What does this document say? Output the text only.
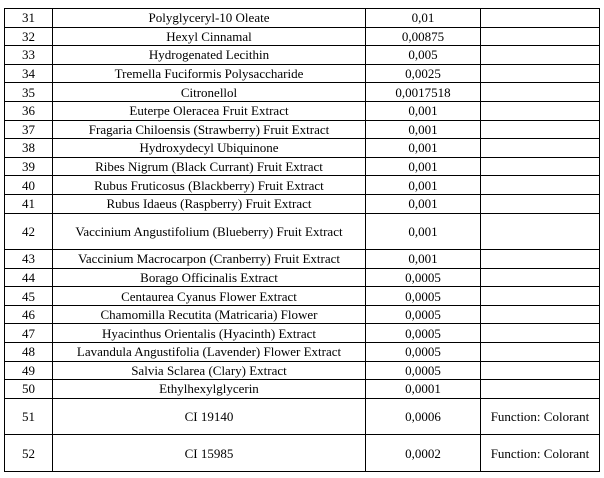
31	Polyglyceryl-10 Oleate	0,01	
32	Hexyl Cinnamal	0,00875	
33	Hydrogenated Lecithin	0,005	
34	Tremella Fuciformis Polysaccharide	0,0025	
35	Citronellol	0,0017518	
36	Euterpe Oleracea Fruit Extract	0,001	
37	Fragaria Chiloensis (Strawberry) Fruit Extract	0,001	
38	Hydroxydecyl Ubiquinone	0,001	
39	Ribes Nigrum (Black Currant) Fruit Extract	0,001	
40	Rubus Fruticosus (Blackberry) Fruit Extract	0,001	
41	Rubus Idaeus (Raspberry) Fruit Extract	0,001	
42	Vaccinium Angustifolium (Blueberry) Fruit Extract	0,001	
43	Vaccinium Macrocarpon (Cranberry) Fruit Extract	0,001	
44	Borago Officinalis Extract	0,0005	
45	Centaurea Cyanus Flower Extract	0,0005	
46	Chamomilla Recutita (Matricaria) Flower	0,0005	
47	Hyacinthus Orientalis (Hyacinth) Extract	0,0005	
48	Lavandula Angustifolia (Lavender) Flower Extract	0,0005	
49	Salvia Sclarea (Clary) Extract	0,0005	
50	Ethylhexylglycerin	0,0001	
51	CI 19140	0,0006	Function: Colorant
52	CI 15985	0,0002	Function: Colorant
